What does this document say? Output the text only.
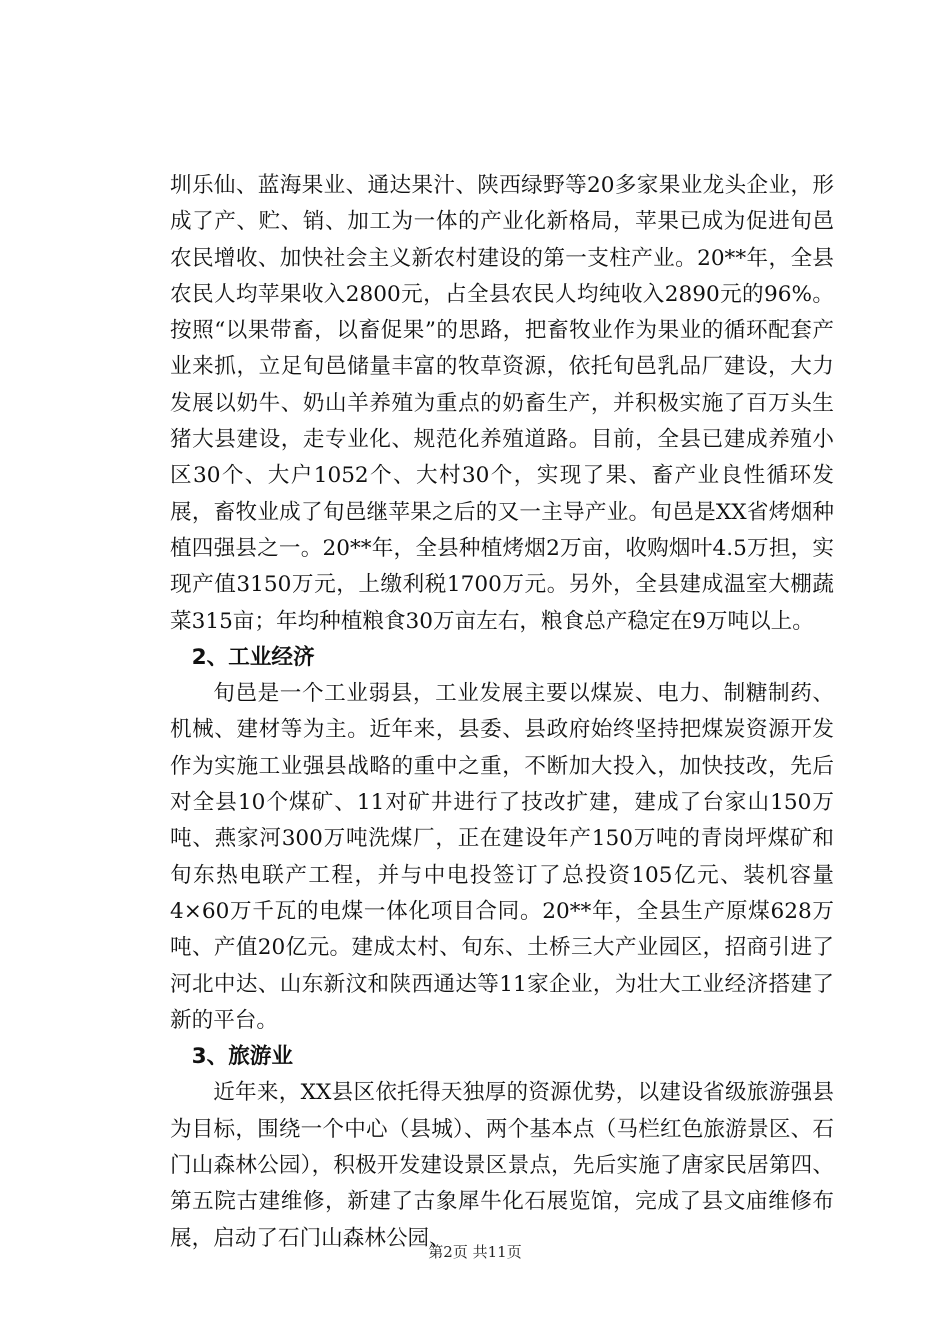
圳乐仙、蓝海果业、通达果汁、陕西绿野等20多家果业龙头企业，形成了产、贮、销、加工为一体的产业化新格局，苹果已成为促进旬邑农民增收、加快社会主义新农村建设的第一支柱产业。20**年，全县农民人均苹果收入2800元，占全县农民人均纯收入2890元的96%。按照“以果带畜，以畜促果”的思路，把畜牧业作为果业的循环配套产业来抓，立足旬邑储量丰富的牧草资源，依托旬邑乳品厂建设，大力发展以奶牛、奶山羊养殖为重点的奶畜生产，并积极实施了百万头生猪大县建设，走专业化、规范化养殖道路。目前，全县已建成养殖小区30个、大户1052个、大村30个，实现了果、畜产业良性循环发展，畜牧业成了旬邑继苹果之后的又一主导产业。旬邑是XX省烤烟种植四强县之一。20**年，全县种植烤烟2万亩，收购烟叶4.5万担，实现产值3150万元，上缴利税1700万元。另外，全县建成温室大棚蔬菜315亩；年均种植粮食30万亩左右，粮食总产稳定在9万吨以上。

2、工业经济

旬邑是一个工业弱县，工业发展主要以煤炭、电力、制糖制药、机械、建材等为主。近年来，县委、县政府始终坚持把煤炭资源开发作为实施工业强县战略的重中之重，不断加大投入，加快技改，先后对全县10个煤矿、11对矿井进行了技改扩建，建成了台家山150万吨、燕家河300万吨洗煤厂，正在建设年产150万吨的青岗坪煤矿和旬东热电联产工程，并与中电投签订了总投资105亿元、装机容量4×60万千瓦的电煤一体化项目合同。20**年，全县生产原煤628万吨、产值20亿元。建成太村、旬东、土桥三大产业园区，招商引进了河北中达、山东新汶和陕西通达等11家企业，为壮大工业经济搭建了新的平台。

3、旅游业

近年来，XX县区依托得天独厚的资源优势，以建设省级旅游强县为目标，围绕一个中心（县城）、两个基本点（马栏红色旅游景区、石门山森林公园），积极开发建设景区景点，先后实施了唐家民居第四、第五院古建维修，新建了古象犀牛化石展览馆，完成了县文庙维修布展，启动了石门山森林公园、

第2页 共11页
